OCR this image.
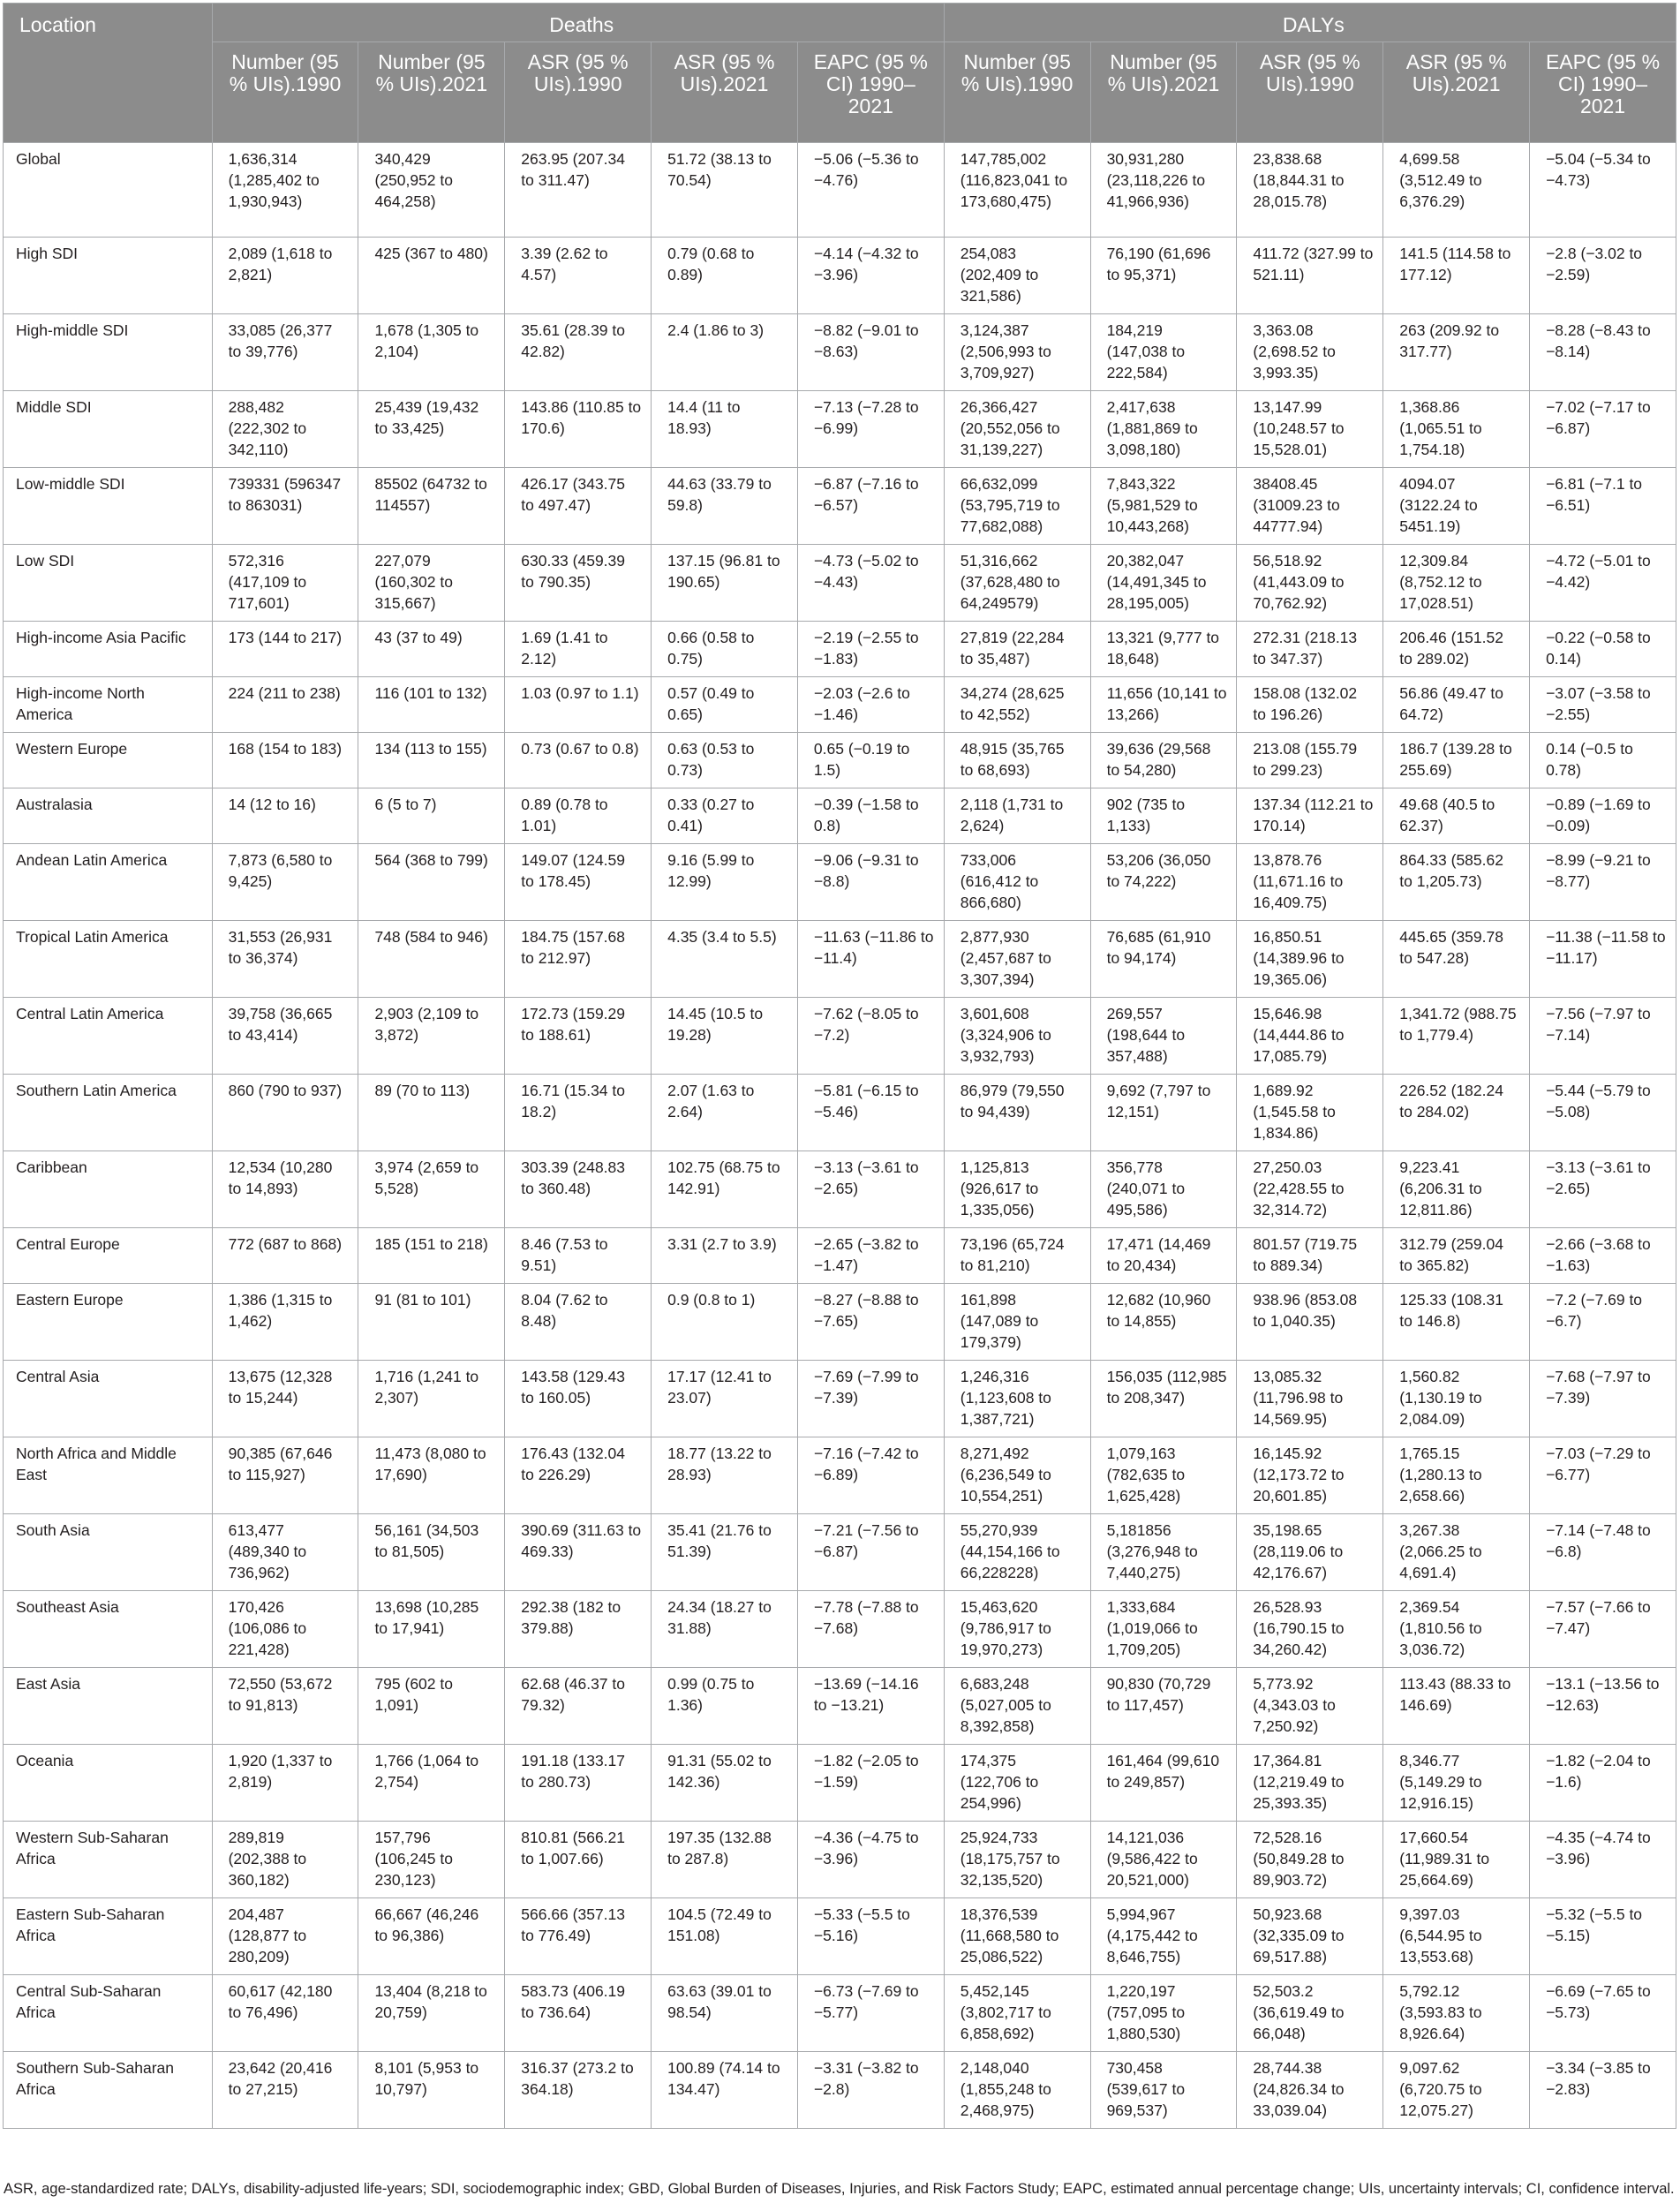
Location	Deaths					DALYs				
	Number (95 % UIs).1990	Number (95 % UIs).2021	ASR (95 % UIs).1990	ASR (95 % UIs).2021	EAPC (95 % CI) 1990–2021	Number (95 % UIs).1990	Number (95 % UIs).2021	ASR (95 % UIs).1990	ASR (95 % UIs).2021	EAPC (95 % CI) 1990–2021
Global	1,636,314 (1,285,402 to 1,930,943)	340,429 (250,952 to 464,258)	263.95 (207.34 to 311.47)	51.72 (38.13 to 70.54)	−5.06 (−5.36 to −4.76)	147,785,002 (116,823,041 to 173,680,475)	30,931,280 (23,118,226 to 41,966,936)	23,838.68 (18,844.31 to 28,015.78)	4,699.58 (3,512.49 to 6,376.29)	−5.04 (−5.34 to −4.73)
High SDI	2,089 (1,618 to 2,821)	425 (367 to 480)	3.39 (2.62 to 4.57)	0.79 (0.68 to 0.89)	−4.14 (−4.32 to −3.96)	254,083 (202,409 to 321,586)	76,190 (61,696 to 95,371)	411.72 (327.99 to 521.11)	141.5 (114.58 to 177.12)	−2.8 (−3.02 to −2.59)
High-middle SDI	33,085 (26,377 to 39,776)	1,678 (1,305 to 2,104)	35.61 (28.39 to 42.82)	2.4 (1.86 to 3)	−8.82 (−9.01 to −8.63)	3,124,387 (2,506,993 to 3,709,927)	184,219 (147,038 to 222,584)	3,363.08 (2,698.52 to 3,993.35)	263 (209.92 to 317.77)	−8.28 (−8.43 to −8.14)
Middle SDI	288,482 (222,302 to 342,110)	25,439 (19,432 to 33,425)	143.86 (110.85 to 170.6)	14.4 (11 to 18.93)	−7.13 (−7.28 to −6.99)	26,366,427 (20,552,056 to 31,139,227)	2,417,638 (1,881,869 to 3,098,180)	13,147.99 (10,248.57 to 15,528.01)	1,368.86 (1,065.51 to 1,754.18)	−7.02 (−7.17 to −6.87)
Low-middle SDI	739331 (596347 to 863031)	85502 (64732 to 114557)	426.17 (343.75 to 497.47)	44.63 (33.79 to 59.8)	−6.87 (−7.16 to −6.57)	66,632,099 (53,795,719 to 77,682,088)	7,843,322 (5,981,529 to 10,443,268)	38408.45 (31009.23 to 44777.94)	4094.07 (3122.24 to 5451.19)	−6.81 (−7.1 to −6.51)
Low SDI	572,316 (417,109 to 717,601)	227,079 (160,302 to 315,667)	630.33 (459.39 to 790.35)	137.15 (96.81 to 190.65)	−4.73 (−5.02 to −4.43)	51,316,662 (37,628,480 to 64,249579)	20,382,047 (14,491,345 to 28,195,005)	56,518.92 (41,443.09 to 70,762.92)	12,309.84 (8,752.12 to 17,028.51)	−4.72 (−5.01 to −4.42)
High-income Asia Pacific	173 (144 to 217)	43 (37 to 49)	1.69 (1.41 to 2.12)	0.66 (0.58 to 0.75)	−2.19 (−2.55 to −1.83)	27,819 (22,284 to 35,487)	13,321 (9,777 to 18,648)	272.31 (218.13 to 347.37)	206.46 (151.52 to 289.02)	−0.22 (−0.58 to 0.14)
High-income North America	224 (211 to 238)	116 (101 to 132)	1.03 (0.97 to 1.1)	0.57 (0.49 to 0.65)	−2.03 (−2.6 to −1.46)	34,274 (28,625 to 42,552)	11,656 (10,141 to 13,266)	158.08 (132.02 to 196.26)	56.86 (49.47 to 64.72)	−3.07 (−3.58 to −2.55)
Western Europe	168 (154 to 183)	134 (113 to 155)	0.73 (0.67 to 0.8)	0.63 (0.53 to 0.73)	0.65 (−0.19 to 1.5)	48,915 (35,765 to 68,693)	39,636 (29,568 to 54,280)	213.08 (155.79 to 299.23)	186.7 (139.28 to 255.69)	0.14 (−0.5 to 0.78)
Australasia	14 (12 to 16)	6 (5 to 7)	0.89 (0.78 to 1.01)	0.33 (0.27 to 0.41)	−0.39 (−1.58 to 0.8)	2,118 (1,731 to 2,624)	902 (735 to 1,133)	137.34 (112.21 to 170.14)	49.68 (40.5 to 62.37)	−0.89 (−1.69 to −0.09)
Andean Latin America	7,873 (6,580 to 9,425)	564 (368 to 799)	149.07 (124.59 to 178.45)	9.16 (5.99 to 12.99)	−9.06 (−9.31 to −8.8)	733,006 (616,412 to 866,680)	53,206 (36,050 to 74,222)	13,878.76 (11,671.16 to 16,409.75)	864.33 (585.62 to 1,205.73)	−8.99 (−9.21 to −8.77)
Tropical Latin America	31,553 (26,931 to 36,374)	748 (584 to 946)	184.75 (157.68 to 212.97)	4.35 (3.4 to 5.5)	−11.63 (−11.86 to −11.4)	2,877,930 (2,457,687 to 3,307,394)	76,685 (61,910 to 94,174)	16,850.51 (14,389.96 to 19,365.06)	445.65 (359.78 to 547.28)	−11.38 (−11.58 to −11.17)
Central Latin America	39,758 (36,665 to 43,414)	2,903 (2,109 to 3,872)	172.73 (159.29 to 188.61)	14.45 (10.5 to 19.28)	−7.62 (−8.05 to −7.2)	3,601,608 (3,324,906 to 3,932,793)	269,557 (198,644 to 357,488)	15,646.98 (14,444.86 to 17,085.79)	1,341.72 (988.75 to 1,779.4)	−7.56 (−7.97 to −7.14)
Southern Latin America	860 (790 to 937)	89 (70 to 113)	16.71 (15.34 to 18.2)	2.07 (1.63 to 2.64)	−5.81 (−6.15 to −5.46)	86,979 (79,550 to 94,439)	9,692 (7,797 to 12,151)	1,689.92 (1,545.58 to 1,834.86)	226.52 (182.24 to 284.02)	−5.44 (−5.79 to −5.08)
Caribbean	12,534 (10,280 to 14,893)	3,974 (2,659 to 5,528)	303.39 (248.83 to 360.48)	102.75 (68.75 to 142.91)	−3.13 (−3.61 to −2.65)	1,125,813 (926,617 to 1,335,056)	356,778 (240,071 to 495,586)	27,250.03 (22,428.55 to 32,314.72)	9,223.41 (6,206.31 to 12,811.86)	−3.13 (−3.61 to −2.65)
Central Europe	772 (687 to 868)	185 (151 to 218)	8.46 (7.53 to 9.51)	3.31 (2.7 to 3.9)	−2.65 (−3.82 to −1.47)	73,196 (65,724 to 81,210)	17,471 (14,469 to 20,434)	801.57 (719.75 to 889.34)	312.79 (259.04 to 365.82)	−2.66 (−3.68 to −1.63)
Eastern Europe	1,386 (1,315 to 1,462)	91 (81 to 101)	8.04 (7.62 to 8.48)	0.9 (0.8 to 1)	−8.27 (−8.88 to −7.65)	161,898 (147,089 to 179,379)	12,682 (10,960 to 14,855)	938.96 (853.08 to 1,040.35)	125.33 (108.31 to 146.8)	−7.2 (−7.69 to −6.7)
Central Asia	13,675 (12,328 to 15,244)	1,716 (1,241 to 2,307)	143.58 (129.43 to 160.05)	17.17 (12.41 to 23.07)	−7.69 (−7.99 to −7.39)	1,246,316 (1,123,608 to 1,387,721)	156,035 (112,985 to 208,347)	13,085.32 (11,796.98 to 14,569.95)	1,560.82 (1,130.19 to 2,084.09)	−7.68 (−7.97 to −7.39)
North Africa and Middle East	90,385 (67,646 to 115,927)	11,473 (8,080 to 17,690)	176.43 (132.04 to 226.29)	18.77 (13.22 to 28.93)	−7.16 (−7.42 to −6.89)	8,271,492 (6,236,549 to 10,554,251)	1,079,163 (782,635 to 1,625,428)	16,145.92 (12,173.72 to 20,601.85)	1,765.15 (1,280.13 to 2,658.66)	−7.03 (−7.29 to −6.77)
South Asia	613,477 (489,340 to 736,962)	56,161 (34,503 to 81,505)	390.69 (311.63 to 469.33)	35.41 (21.76 to 51.39)	−7.21 (−7.56 to −6.87)	55,270,939 (44,154,166 to 66,228228)	5,181856 (3,276,948 to 7,440,275)	35,198.65 (28,119.06 to 42,176.67)	3,267.38 (2,066.25 to 4,691.4)	−7.14 (−7.48 to −6.8)
Southeast Asia	170,426 (106,086 to 221,428)	13,698 (10,285 to 17,941)	292.38 (182 to 379.88)	24.34 (18.27 to 31.88)	−7.78 (−7.88 to −7.68)	15,463,620 (9,786,917 to 19,970,273)	1,333,684 (1,019,066 to 1,709,205)	26,528.93 (16,790.15 to 34,260.42)	2,369.54 (1,810.56 to 3,036.72)	−7.57 (−7.66 to −7.47)
East Asia	72,550 (53,672 to 91,813)	795 (602 to 1,091)	62.68 (46.37 to 79.32)	0.99 (0.75 to 1.36)	−13.69 (−14.16 to −13.21)	6,683,248 (5,027,005 to 8,392,858)	90,830 (70,729 to 117,457)	5,773.92 (4,343.03 to 7,250.92)	113.43 (88.33 to 146.69)	−13.1 (−13.56 to −12.63)
Oceania	1,920 (1,337 to 2,819)	1,766 (1,064 to 2,754)	191.18 (133.17 to 280.73)	91.31 (55.02 to 142.36)	−1.82 (−2.05 to −1.59)	174,375 (122,706 to 254,996)	161,464 (99,610 to 249,857)	17,364.81 (12,219.49 to 25,393.35)	8,346.77 (5,149.29 to 12,916.15)	−1.82 (−2.04 to −1.6)
Western Sub-Saharan Africa	289,819 (202,388 to 360,182)	157,796 (106,245 to 230,123)	810.81 (566.21 to 1,007.66)	197.35 (132.88 to 287.8)	−4.36 (−4.75 to −3.96)	25,924,733 (18,175,757 to 32,135,520)	14,121,036 (9,586,422 to 20,521,000)	72,528.16 (50,849.28 to 89,903.72)	17,660.54 (11,989.31 to 25,664.69)	−4.35 (−4.74 to −3.96)
Eastern Sub-Saharan Africa	204,487 (128,877 to 280,209)	66,667 (46,246 to 96,386)	566.66 (357.13 to 776.49)	104.5 (72.49 to 151.08)	−5.33 (−5.5 to −5.16)	18,376,539 (11,668,580 to 25,086,522)	5,994,967 (4,175,442 to 8,646,755)	50,923.68 (32,335.09 to 69,517.88)	9,397.03 (6,544.95 to 13,553.68)	−5.32 (−5.5 to −5.15)
Central Sub-Saharan Africa	60,617 (42,180 to 76,496)	13,404 (8,218 to 20,759)	583.73 (406.19 to 736.64)	63.63 (39.01 to 98.54)	−6.73 (−7.69 to −5.77)	5,452,145 (3,802,717 to 6,858,692)	1,220,197 (757,095 to 1,880,530)	52,503.2 (36,619.49 to 66,048)	5,792.12 (3,593.83 to 8,926.64)	−6.69 (−7.65 to −5.73)
Southern Sub-Saharan Africa	23,642 (20,416 to 27,215)	8,101 (5,953 to 10,797)	316.37 (273.2 to 364.18)	100.89 (74.14 to 134.47)	−3.31 (−3.82 to −2.8)	2,148,040 (1,855,248 to 2,468,975)	730,458 (539,617 to 969,537)	28,744.38 (24,826.34 to 33,039.04)	9,097.62 (6,720.75 to 12,075.27)	−3.34 (−3.85 to −2.83)
ASR, age-standardized rate; DALYs, disability-adjusted life-years; SDI, sociodemographic index; GBD, Global Burden of Diseases, Injuries, and Risk Factors Study; EAPC, estimated annual percentage change; UIs, uncertainty intervals; CI, confidence interval.
